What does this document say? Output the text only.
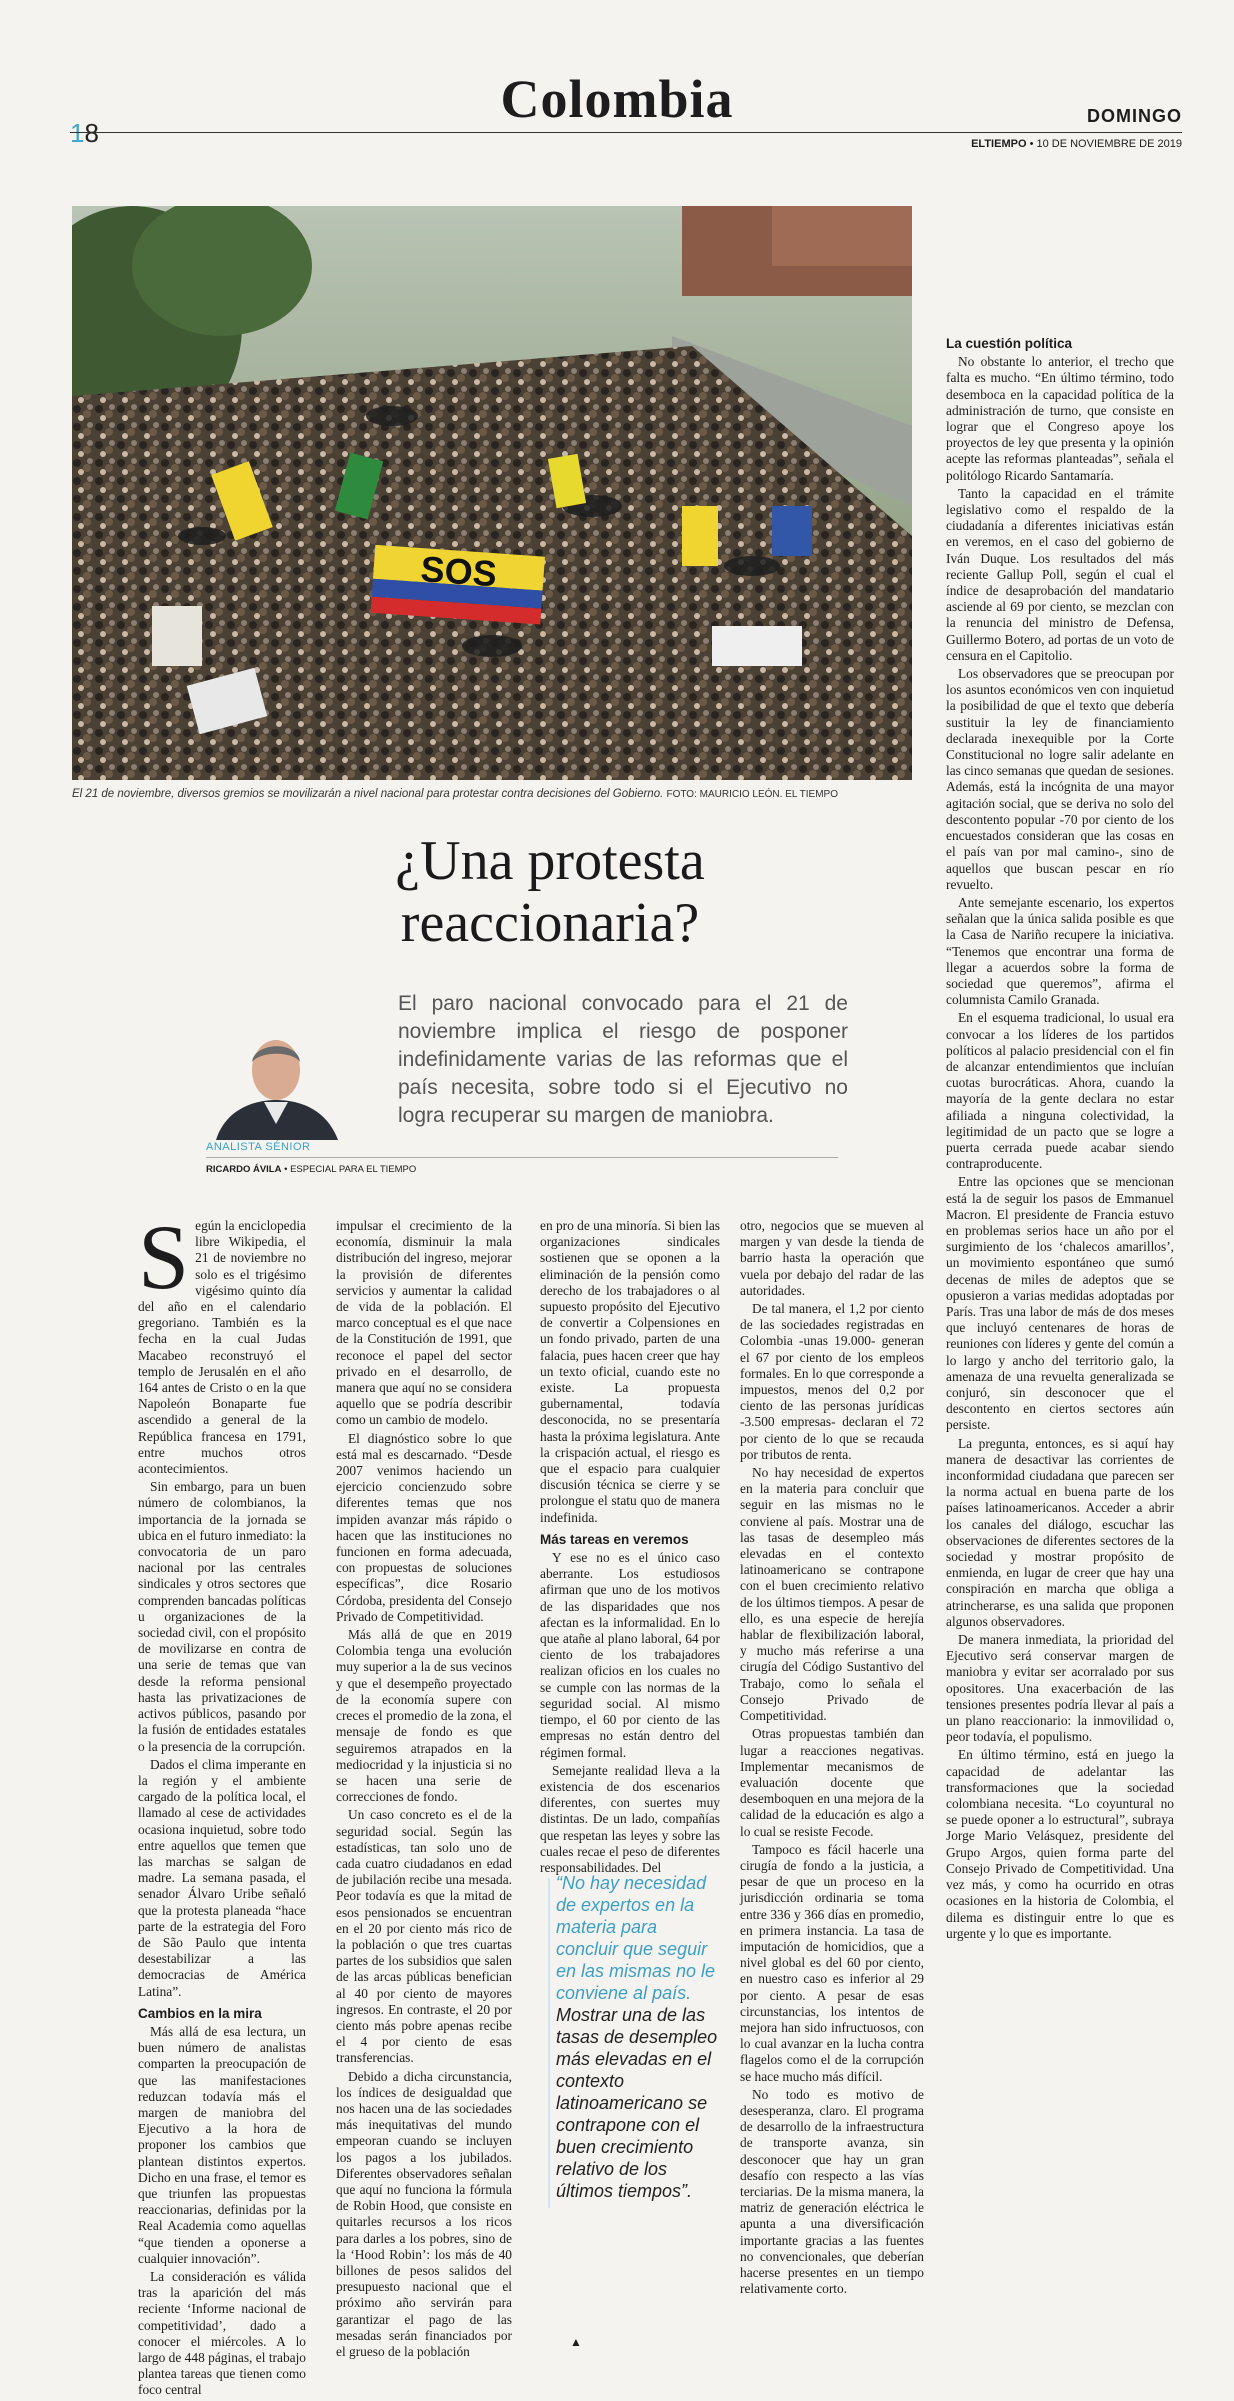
18
Colombia	DOMINGO
ELTIEMPO • 10 DE NOVIEMBRE DE 2019
SOS
El 21 de noviembre, diversos gremios se movilizarán a nivel nacional para protestar contra decisiones del Gobierno. FOTO: MAURICIO LEÓN. EL TIEMPO
¿Una protesta reaccionaria?
El paro nacional convocado para el 21 de noviembre implica el riesgo de posponer indefinidamente varias de las reformas que el país necesita, sobre todo si el Ejecutivo no logra recuperar su margen de maniobra.
ANALISTA SÉNIOR
RICARDO ÁVILA • ESPECIAL PARA EL TIEMPO

Según la enciclopedia libre Wikipedia, el 21 de noviembre no solo es el trigésimo vigésimo quinto día del año en el calendario gregoriano. También es la fecha en la cual Judas Macabeo reconstruyó el templo de Jerusalén en el año 164 antes de Cristo o en la que Napoleón Bonaparte fue ascendido a general de la República francesa en 1791, entre muchos otros acontecimientos.

Sin embargo, para un buen número de colombianos, la importancia de la jornada se ubica en el futuro inmediato: la convocatoria de un paro nacional por las centrales sindicales y otros sectores que comprenden bancadas políticas u organizaciones de la sociedad civil, con el propósito de movilizarse en contra de una serie de temas que van desde la reforma pensional hasta las privatizaciones de activos públicos, pasando por la fusión de entidades estatales o la presencia de la corrupción.

Dados el clima imperante en la región y el ambiente cargado de la política local, el llamado al cese de actividades ocasiona inquietud, sobre todo entre aquellos que temen que las marchas se salgan de madre. La semana pasada, el senador Álvaro Uribe señaló que la protesta planeada “hace parte de la estrategia del Foro de São Paulo que intenta desestabilizar a las democracias de América Latina”.

Cambios en la mira

Más allá de esa lectura, un buen número de analistas comparten la preocupación de que las manifestaciones reduzcan todavía más el margen de maniobra del Ejecutivo a la hora de proponer los cambios que plantean distintos expertos. Dicho en una frase, el temor es que triunfen las propuestas reaccionarias, definidas por la Real Academia como aquellas “que tienden a oponerse a cualquier innovación”.

La consideración es válida tras la aparición del más reciente ‘Informe nacional de competitividad’, dado a conocer el miércoles. A lo largo de 448 páginas, el trabajo plantea tareas que tienen como foco central

impulsar el crecimiento de la economía, disminuir la mala distribución del ingreso, mejorar la provisión de diferentes servicios y aumentar la calidad de vida de la población. El marco conceptual es el que nace de la Constitución de 1991, que reconoce el papel del sector privado en el desarrollo, de manera que aquí no se considera aquello que se podría describir como un cambio de modelo.

El diagnóstico sobre lo que está mal es descarnado. “Desde 2007 venimos haciendo un ejercicio concienzudo sobre diferentes temas que nos impiden avanzar más rápido o hacen que las instituciones no funcionen en forma adecuada, con propuestas de soluciones específicas”, dice Rosario Córdoba, presidenta del Consejo Privado de Competitividad.

Más allá de que en 2019 Colombia tenga una evolución muy superior a la de sus vecinos y que el desempeño proyectado de la economía supere con creces el promedio de la zona, el mensaje de fondo es que seguiremos atrapados en la mediocridad y la injusticia si no se hacen una serie de correcciones de fondo.

Un caso concreto es el de la seguridad social. Según las estadísticas, tan solo uno de cada cuatro ciudadanos en edad de jubilación recibe una mesada. Peor todavía es que la mitad de esos pensionados se encuentran en el 20 por ciento más rico de la población o que tres cuartas partes de los subsidios que salen de las arcas públicas benefician al 40 por ciento de mayores ingresos. En contraste, el 20 por ciento más pobre apenas recibe el 4 por ciento de esas transferencias.

Debido a dicha circunstancia, los índices de desigualdad que nos hacen una de las sociedades más inequitativas del mundo empeoran cuando se incluyen los pagos a los jubilados. Diferentes observadores señalan que aquí no funciona la fórmula de Robin Hood, que consiste en quitarles recursos a los ricos para darles a los pobres, sino de la ‘Hood Robin’: los más de 40 billones de pesos salidos del presupuesto nacional que el próximo año servirán para garantizar el pago de las mesadas serán financiados por el grueso de la población

en pro de una minoría. Si bien las organizaciones sindicales sostienen que se oponen a la eliminación de la pensión como derecho de los trabajadores o al supuesto propósito del Ejecutivo de convertir a Colpensiones en un fondo privado, parten de una falacia, pues hacen creer que hay un texto oficial, cuando este no existe. La propuesta gubernamental, todavía desconocida, no se presentaría hasta la próxima legislatura. Ante la crispación actual, el riesgo es que el espacio para cualquier discusión técnica se cierre y se prolongue el statu quo de manera indefinida.

Más tareas en veremos

Y ese no es el único caso aberrante. Los estudiosos afirman que uno de los motivos de las disparidades que nos afectan es la informalidad. En lo que atañe al plano laboral, 64 por ciento de los trabajadores realizan oficios en los cuales no se cumple con las normas de la seguridad social. Al mismo tiempo, el 60 por ciento de las empresas no están dentro del régimen formal.

Semejante realidad lleva a la existencia de dos escenarios diferentes, con suertes muy distintas. De un lado, compañías que respetan las leyes y sobre las cuales recae el peso de diferentes responsabilidades. Del

“No hay necesidad de expertos en la materia para concluir que seguir en las mismas no le conviene al país. Mostrar una de las tasas de desempleo más elevadas en el contexto latinoamericano se contrapone con el buen crecimiento relativo de los últimos tiempos”.

otro, negocios que se mueven al margen y van desde la tienda de barrio hasta la operación que vuela por debajo del radar de las autoridades.

De tal manera, el 1,2 por ciento de las sociedades registradas en Colombia -unas 19.000- generan el 67 por ciento de los empleos formales. En lo que corresponde a impuestos, menos del 0,2 por ciento de las personas jurídicas -3.500 empresas- declaran el 72 por ciento de lo que se recauda por tributos de renta.

No hay necesidad de expertos en la materia para concluir que seguir en las mismas no le conviene al país. Mostrar una de las tasas de desempleo más elevadas en el contexto latinoamericano se contrapone con el buen crecimiento relativo de los últimos tiempos. A pesar de ello, es una especie de herejía hablar de flexibilización laboral, y mucho más referirse a una cirugía del Código Sustantivo del Trabajo, como lo señala el Consejo Privado de Competitividad.

Otras propuestas también dan lugar a reacciones negativas. Implementar mecanismos de evaluación docente que desemboquen en una mejora de la calidad de la educación es algo a lo cual se resiste Fecode.

Tampoco es fácil hacerle una cirugía de fondo a la justicia, a pesar de que un proceso en la jurisdicción ordinaria se toma entre 336 y 366 días en promedio, en primera instancia. La tasa de imputación de homicidios, que a nivel global es del 60 por ciento, en nuestro caso es inferior al 29 por ciento. A pesar de esas circunstancias, los intentos de mejora han sido infructuosos, con lo cual avanzar en la lucha contra flagelos como el de la corrupción se hace mucho más difícil.

No todo es motivo de desesperanza, claro. El programa de desarrollo de la infraestructura de transporte avanza, sin desconocer que hay un gran desafío con respecto a las vías terciarias. De la misma manera, la matriz de generación eléctrica le apunta a una diversificación importante gracias a las fuentes no convencionales, que deberían hacerse presentes en un tiempo relativamente corto.

La cuestión política

No obstante lo anterior, el trecho que falta es mucho. “En último término, todo desemboca en la capacidad política de la administración de turno, que consiste en lograr que el Congreso apoye los proyectos de ley que presenta y la opinión acepte las reformas planteadas”, señala el politólogo Ricardo Santamaría.

Tanto la capacidad en el trámite legislativo como el respaldo de la ciudadanía a diferentes iniciativas están en veremos, en el caso del gobierno de Iván Duque. Los resultados del más reciente Gallup Poll, según el cual el índice de desaprobación del mandatario asciende al 69 por ciento, se mezclan con la renuncia del ministro de Defensa, Guillermo Botero, ad portas de un voto de censura en el Capitolio.

Los observadores que se preocupan por los asuntos económicos ven con inquietud la posibilidad de que el texto que debería sustituir la ley de financiamiento declarada inexequible por la Corte Constitucional no logre salir adelante en las cinco semanas que quedan de sesiones. Además, está la incógnita de una mayor agitación social, que se deriva no solo del descontento popular -70 por ciento de los encuestados consideran que las cosas en el país van por mal camino-, sino de aquellos que buscan pescar en río revuelto.

Ante semejante escenario, los expertos señalan que la única salida posible es que la Casa de Nariño recupere la iniciativa. “Tenemos que encontrar una forma de llegar a acuerdos sobre la forma de sociedad que queremos”, afirma el columnista Camilo Granada.

En el esquema tradicional, lo usual era convocar a los líderes de los partidos políticos al palacio presidencial con el fin de alcanzar entendimientos que incluían cuotas burocráticas. Ahora, cuando la mayoría de la gente declara no estar afiliada a ninguna colectividad, la legitimidad de un pacto que se logre a puerta cerrada puede acabar siendo contraproducente.

Entre las opciones que se mencionan está la de seguir los pasos de Emmanuel Macron. El presidente de Francia estuvo en problemas serios hace un año por el surgimiento de los ‘chalecos amarillos’, un movimiento espontáneo que sumó decenas de miles de adeptos que se opusieron a varias medidas adoptadas por París. Tras una labor de más de dos meses que incluyó centenares de horas de reuniones con líderes y gente del común a lo largo y ancho del territorio galo, la amenaza de una revuelta generalizada se conjuró, sin desconocer que el descontento en ciertos sectores aún persiste.

La pregunta, entonces, es si aquí hay manera de desactivar las corrientes de inconformidad ciudadana que parecen ser la norma actual en buena parte de los países latinoamericanos. Acceder a abrir los canales del diálogo, escuchar las observaciones de diferentes sectores de la sociedad y mostrar propósito de enmienda, en lugar de creer que hay una conspiración en marcha que obliga a atrincherarse, es una salida que proponen algunos observadores.

De manera inmediata, la prioridad del Ejecutivo será conservar margen de maniobra y evitar ser acorralado por sus opositores. Una exacerbación de las tensiones presentes podría llevar al país a un plano reaccionario: la inmovilidad o, peor todavía, el populismo.

En último término, está en juego la capacidad de adelantar las transformaciones que la sociedad colombiana necesita. “Lo coyuntural no se puede oponer a lo estructural”, subraya Jorge Mario Velásquez, presidente del Grupo Argos, quien forma parte del Consejo Privado de Competitividad. Una vez más, y como ha ocurrido en otras ocasiones en la historia de Colombia, el dilema es distinguir entre lo que es urgente y lo que es importante.

▲
